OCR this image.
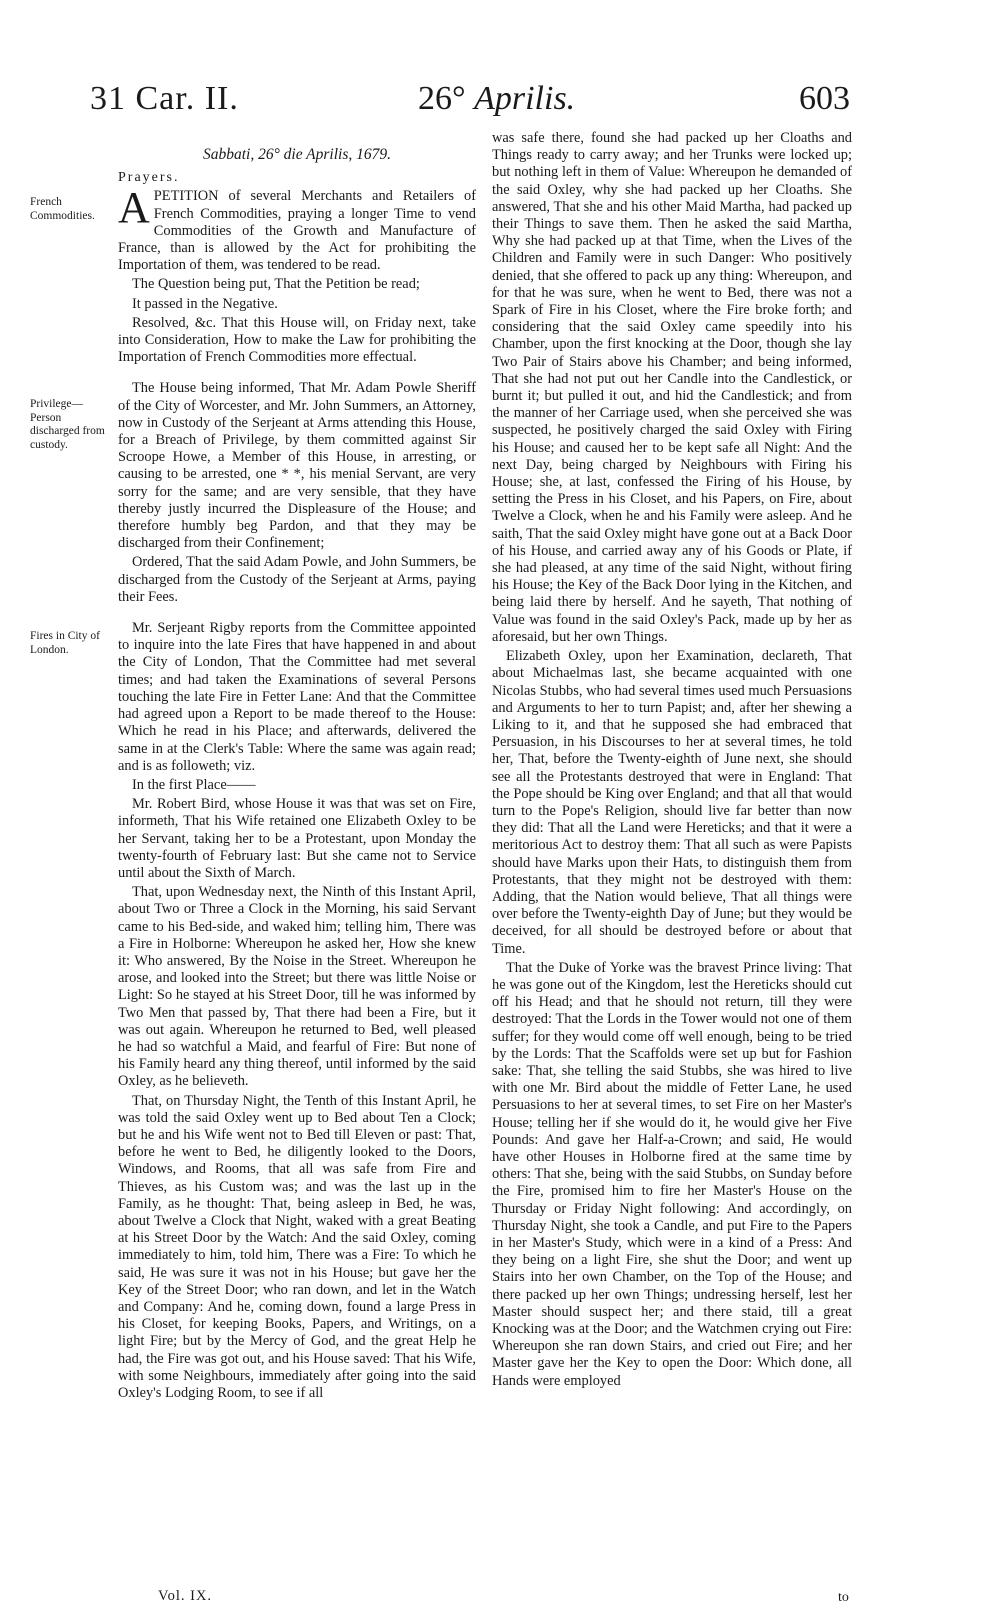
31 Car. II.	26° Aprilis.	603
French Commodities.
Privilege—Person discharged from custody.
Fires in City of London.

Sabbati, 26° die Aprilis, 1679.

Prayers.

APETITION of several Merchants and Retailers of French Commodities, praying a longer Time to vend Commodities of the Growth and Manufacture of France, than is allowed by the Act for prohibiting the Importation of them, was tendered to be read.

The Question being put, That the Petition be read;

It passed in the Negative.

Resolved, &c. That this House will, on Friday next, take into Consideration, How to make the Law for prohibiting the Importation of French Commodities more effectual.

The House being informed, That Mr. Adam Powle Sheriff of the City of Worcester, and Mr. John Summers, an Attorney, now in Custody of the Serjeant at Arms attending this House, for a Breach of Privilege, by them committed against Sir Scroope Howe, a Member of this House, in arresting, or causing to be arrested, one * *, his menial Servant, are very sorry for the same; and are very sensible, that they have thereby justly incurred the Displeasure of the House; and therefore humbly beg Pardon, and that they may be discharged from their Confinement;

Ordered, That the said Adam Powle, and John Summers, be discharged from the Custody of the Serjeant at Arms, paying their Fees.

Mr. Serjeant Rigby reports from the Committee appointed to inquire into the late Fires that have happened in and about the City of London, That the Committee had met several times; and had taken the Examinations of several Persons touching the late Fire in Fetter Lane: And that the Committee had agreed upon a Report to be made thereof to the House: Which he read in his Place; and afterwards, delivered the same in at the Clerk's Table: Where the same was again read; and is as followeth; viz.

In the first Place——

Mr. Robert Bird, whose House it was that was set on Fire, informeth, That his Wife retained one Elizabeth Oxley to be her Servant, taking her to be a Protestant, upon Monday the twenty-fourth of February last: But she came not to Service until about the Sixth of March.

That, upon Wednesday next, the Ninth of this Instant April, about Two or Three a Clock in the Morning, his said Servant came to his Bed-side, and waked him; telling him, There was a Fire in Holborne: Whereupon he asked her, How she knew it: Who answered, By the Noise in the Street. Whereupon he arose, and looked into the Street; but there was little Noise or Light: So he stayed at his Street Door, till he was informed by Two Men that passed by, That there had been a Fire, but it was out again. Whereupon he returned to Bed, well pleased he had so watchful a Maid, and fearful of Fire: But none of his Family heard any thing thereof, until informed by the said Oxley, as he believeth.

That, on Thursday Night, the Tenth of this Instant April, he was told the said Oxley went up to Bed about Ten a Clock; but he and his Wife went not to Bed till Eleven or past: That, before he went to Bed, he diligently looked to the Doors, Windows, and Rooms, that all was safe from Fire and Thieves, as his Custom was; and was the last up in the Family, as he thought: That, being asleep in Bed, he was, about Twelve a Clock that Night, waked with a great Beating at his Street Door by the Watch: And the said Oxley, coming immediately to him, told him, There was a Fire: To which he said, He was sure it was not in his House; but gave her the Key of the Street Door; who ran down, and let in the Watch and Company: And he, coming down, found a large Press in his Closet, for keeping Books, Papers, and Writings, on a light Fire; but by the Mercy of God, and the great Help he had, the Fire was got out, and his House saved: That his Wife, with some Neighbours, immediately after going into the said Oxley's Lodging Room, to see if all

was safe there, found she had packed up her Cloaths and Things ready to carry away; and her Trunks were locked up; but nothing left in them of Value: Whereupon he demanded of the said Oxley, why she had packed up her Cloaths. She answered, That she and his other Maid Martha, had packed up their Things to save them. Then he asked the said Martha, Why she had packed up at that Time, when the Lives of the Children and Family were in such Danger: Who positively denied, that she offered to pack up any thing: Whereupon, and for that he was sure, when he went to Bed, there was not a Spark of Fire in his Closet, where the Fire broke forth; and considering that the said Oxley came speedily into his Chamber, upon the first knocking at the Door, though she lay Two Pair of Stairs above his Chamber; and being informed, That she had not put out her Candle into the Candlestick, or burnt it; but pulled it out, and hid the Candlestick; and from the manner of her Carriage used, when she perceived she was suspected, he positively charged the said Oxley with Firing his House; and caused her to be kept safe all Night: And the next Day, being charged by Neighbours with Firing his House; she, at last, confessed the Firing of his House, by setting the Press in his Closet, and his Papers, on Fire, about Twelve a Clock, when he and his Family were asleep. And he saith, That the said Oxley might have gone out at a Back Door of his House, and carried away any of his Goods or Plate, if she had pleased, at any time of the said Night, without firing his House; the Key of the Back Door lying in the Kitchen, and being laid there by herself. And he sayeth, That nothing of Value was found in the said Oxley's Pack, made up by her as aforesaid, but her own Things.

Elizabeth Oxley, upon her Examination, declareth, That about Michaelmas last, she became acquainted with one Nicolas Stubbs, who had several times used much Persuasions and Arguments to her to turn Papist; and, after her shewing a Liking to it, and that he supposed she had embraced that Persuasion, in his Discourses to her at several times, he told her, That, before the Twenty-eighth of June next, she should see all the Protestants destroyed that were in England: That the Pope should be King over England; and that all that would turn to the Pope's Religion, should live far better than now they did: That all the Land were Hereticks; and that it were a meritorious Act to destroy them: That all such as were Papists should have Marks upon their Hats, to distinguish them from Protestants, that they might not be destroyed with them: Adding, that the Nation would believe, That all things were over before the Twenty-eighth Day of June; but they would be deceived, for all should be destroyed before or about that Time.

That the Duke of Yorke was the bravest Prince living: That he was gone out of the Kingdom, lest the Hereticks should cut off his Head; and that he should not return, till they were destroyed: That the Lords in the Tower would not one of them suffer; for they would come off well enough, being to be tried by the Lords: That the Scaffolds were set up but for Fashion sake: That, she telling the said Stubbs, she was hired to live with one Mr. Bird about the middle of Fetter Lane, he used Persuasions to her at several times, to set Fire on her Master's House; telling her if she would do it, he would give her Five Pounds: And gave her Half-a-Crown; and said, He would have other Houses in Holborne fired at the same time by others: That she, being with the said Stubbs, on Sunday before the Fire, promised him to fire her Master's House on the Thursday or Friday Night following: And accordingly, on Thursday Night, she took a Candle, and put Fire to the Papers in her Master's Study, which were in a kind of a Press: And they being on a light Fire, she shut the Door; and went up Stairs into her own Chamber, on the Top of the House; and there packed up her own Things; undressing herself, lest her Master should suspect her; and there staid, till a great Knocking was at the Door; and the Watchmen crying out Fire: Whereupon she ran down Stairs, and cried out Fire; and her Master gave her the Key to open the Door: Which done, all Hands were employed

Vol. IX.	to
